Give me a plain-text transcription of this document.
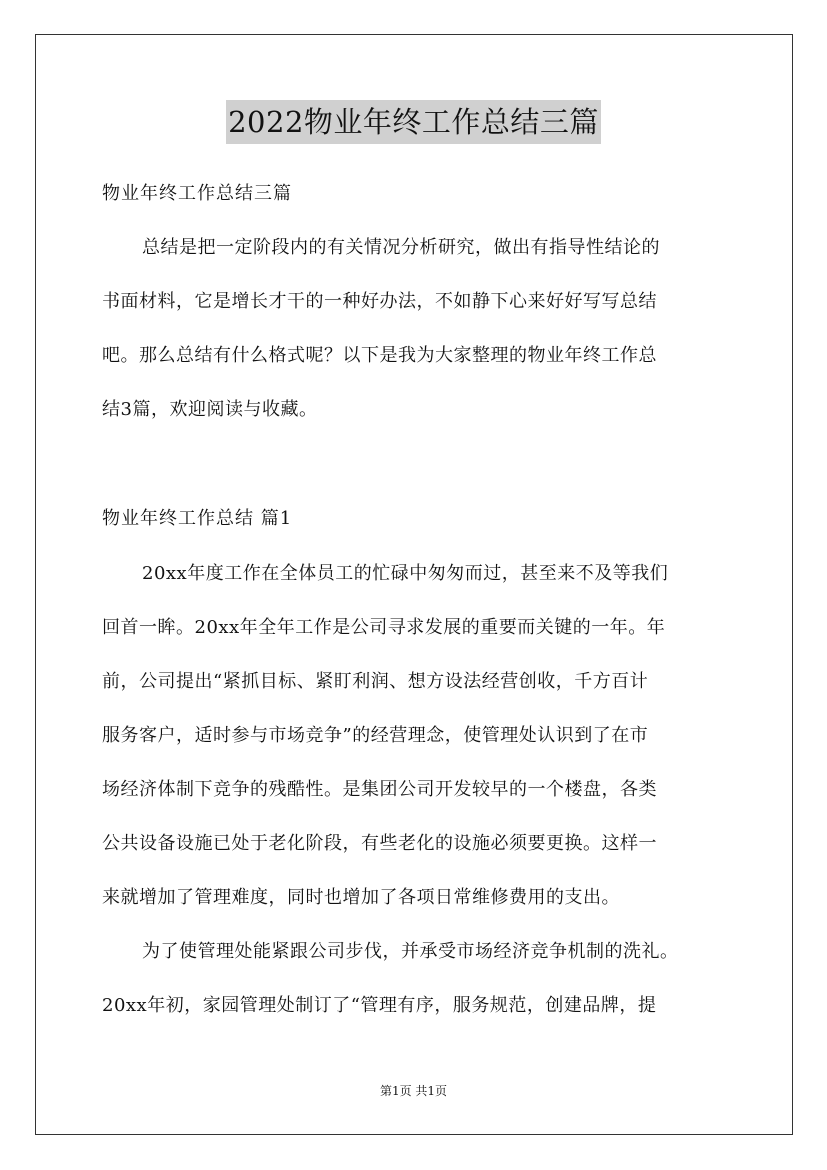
2022物业年终工作总结三篇
物业年终工作总结三篇
总结是把一定阶段内的有关情况分析研究，做出有指导性结论的
书面材料，它是增长才干的一种好办法，不如静下心来好好写写总结
吧。那么总结有什么格式呢？以下是我为大家整理的物业年终工作总
结3篇，欢迎阅读与收藏。
物业年终工作总结 篇1
20xx年度工作在全体员工的忙碌中匆匆而过，甚至来不及等我们
回首一眸。20xx年全年工作是公司寻求发展的重要而关键的一年。年
前，公司提出“紧抓目标、紧盯利润、想方设法经营创收，千方百计
服务客户，适时参与市场竞争”的经营理念，使管理处认识到了在市
场经济体制下竞争的残酷性。是集团公司开发较早的一个楼盘，各类
公共设备设施已处于老化阶段，有些老化的设施必须要更换。这样一
来就增加了管理难度，同时也增加了各项日常维修费用的支出。
为了使管理处能紧跟公司步伐，并承受市场经济竞争机制的洗礼。
20xx年初，家园管理处制订了“管理有序，服务规范，创建品牌，提
第1页 共1页
